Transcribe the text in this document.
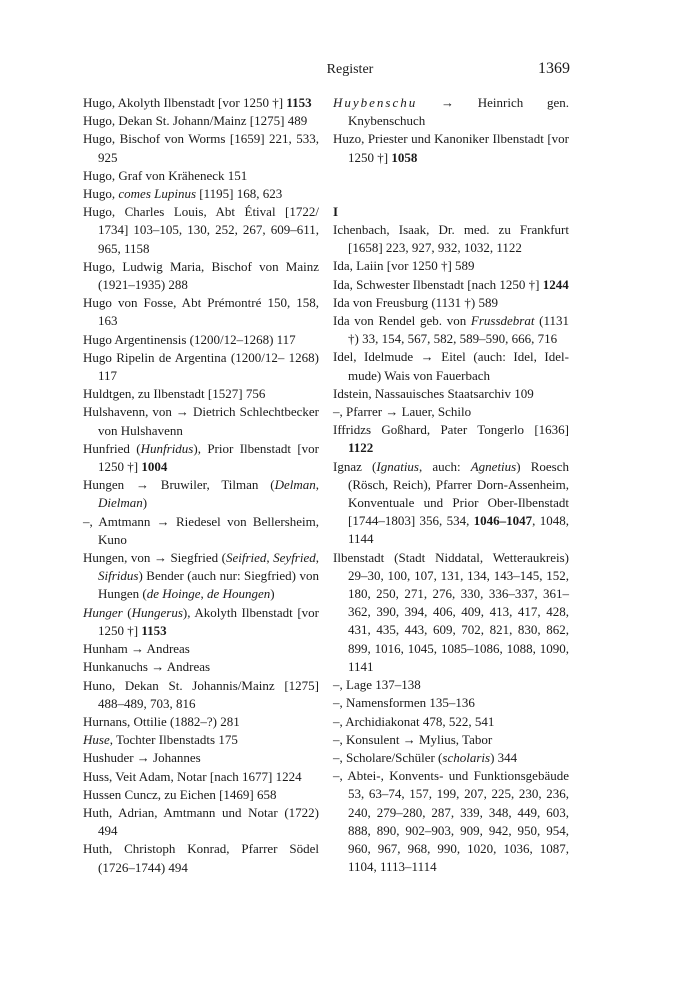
Register	1369
Hugo, Akolyth Ilbenstadt [vor 1250 †] 1153
Hugo, Dekan St. Johann/Mainz [1275] 489
Hugo, Bischof von Worms [1659] 221, 533, 925
Hugo, Graf von Kräheneck 151
Hugo, comes Lupinus [1195] 168, 623
Hugo, Charles Louis, Abt Étival [1722/ 1734] 103–105, 130, 252, 267, 609–611, 965, 1158
Hugo, Ludwig Maria, Bischof von Mainz (1921–1935) 288
Hugo von Fosse, Abt Prémontré 150, 158, 163
Hugo Argentinensis (1200/12–1268) 117
Hugo Ripelin de Argentina (1200/12– 1268) 117
Huldtgen, zu Ilbenstadt [1527] 756
Hulshavenn, von → Dietrich Schlechtbecker von Hulshavenn
Hunfried (Hunfridus), Prior Ilbenstadt [vor 1250 †] 1004
Hungen → Bruwiler, Tilman (Delman, Dielman)
–, Amtmann → Riedesel von Bellersheim, Kuno
Hungen, von → Siegfried (Seifried, Seyfried, Sifridus) Bender (auch nur: Siegfried) von Hungen (de Hoinge, de Houngen)
Hunger (Hungerus), Akolyth Ilbenstadt [vor 1250 †] 1153
Hunham → Andreas
Hunkanuchs → Andreas
Huno, Dekan St. Johannis/Mainz [1275] 488–489, 703, 816
Hurnans, Ottilie (1882–?) 281
Huse, Tochter Ilbenstadts 175
Hushuder → Johannes
Huss, Veit Adam, Notar [nach 1677] 1224
Hussen Cuncz, zu Eichen [1469] 658
Huth, Adrian, Amtmann und Notar (1722) 494
Huth, Christoph Konrad, Pfarrer Södel (1726–1744) 494
Huybenschu → Heinrich gen. Knybenschuch
Huzo, Priester und Kanoniker Ilbenstadt [vor 1250 †] 1058
I
Ichenbach, Isaak, Dr. med. zu Frankfurt [1658] 223, 927, 932, 1032, 1122
Ida, Laiin [vor 1250 †] 589
Ida, Schwester Ilbenstadt [nach 1250 †] 1244
Ida von Freusburg (1131 †) 589
Ida von Rendel geb. von Frussdebrat (1131 †) 33, 154, 567, 582, 589–590, 666, 716
Idel, Idelmude → Eitel (auch: Idel, Idelmude) Wais von Fauerbach
Idstein, Nassauisches Staatsarchiv 109
–, Pfarrer → Lauer, Schilo
Iffridzs Goßhard, Pater Tongerlo [1636] 1122
Ignaz (Ignatius, auch: Agnetius) Roesch (Rösch, Reich), Pfarrer Dorn-Assenheim, Konventuale und Prior Ober-Ilbenstadt [1744–1803] 356, 534, 1046–1047, 1048, 1144
Ilbenstadt (Stadt Niddatal, Wetteraukreis) 29–30, 100, 107, 131, 134, 143–145, 152, 180, 250, 271, 276, 330, 336–337, 361–362, 390, 394, 406, 409, 413, 417, 428, 431, 435, 443, 609, 702, 821, 830, 862, 899, 1016, 1045, 1085–1086, 1088, 1090, 1141
–, Lage 137–138
–, Namensformen 135–136
–, Archidiakonat 478, 522, 541
–, Konsulent → Mylius, Tabor
–, Scholare/Schüler (scholaris) 344
–, Abtei-, Konvents- und Funktionsgebäude 53, 63–74, 157, 199, 207, 225, 230, 236, 240, 279–280, 287, 339, 348, 449, 603, 888, 890, 902–903, 909, 942, 950, 954, 960, 967, 968, 990, 1020, 1036, 1087, 1104, 1113–1114
